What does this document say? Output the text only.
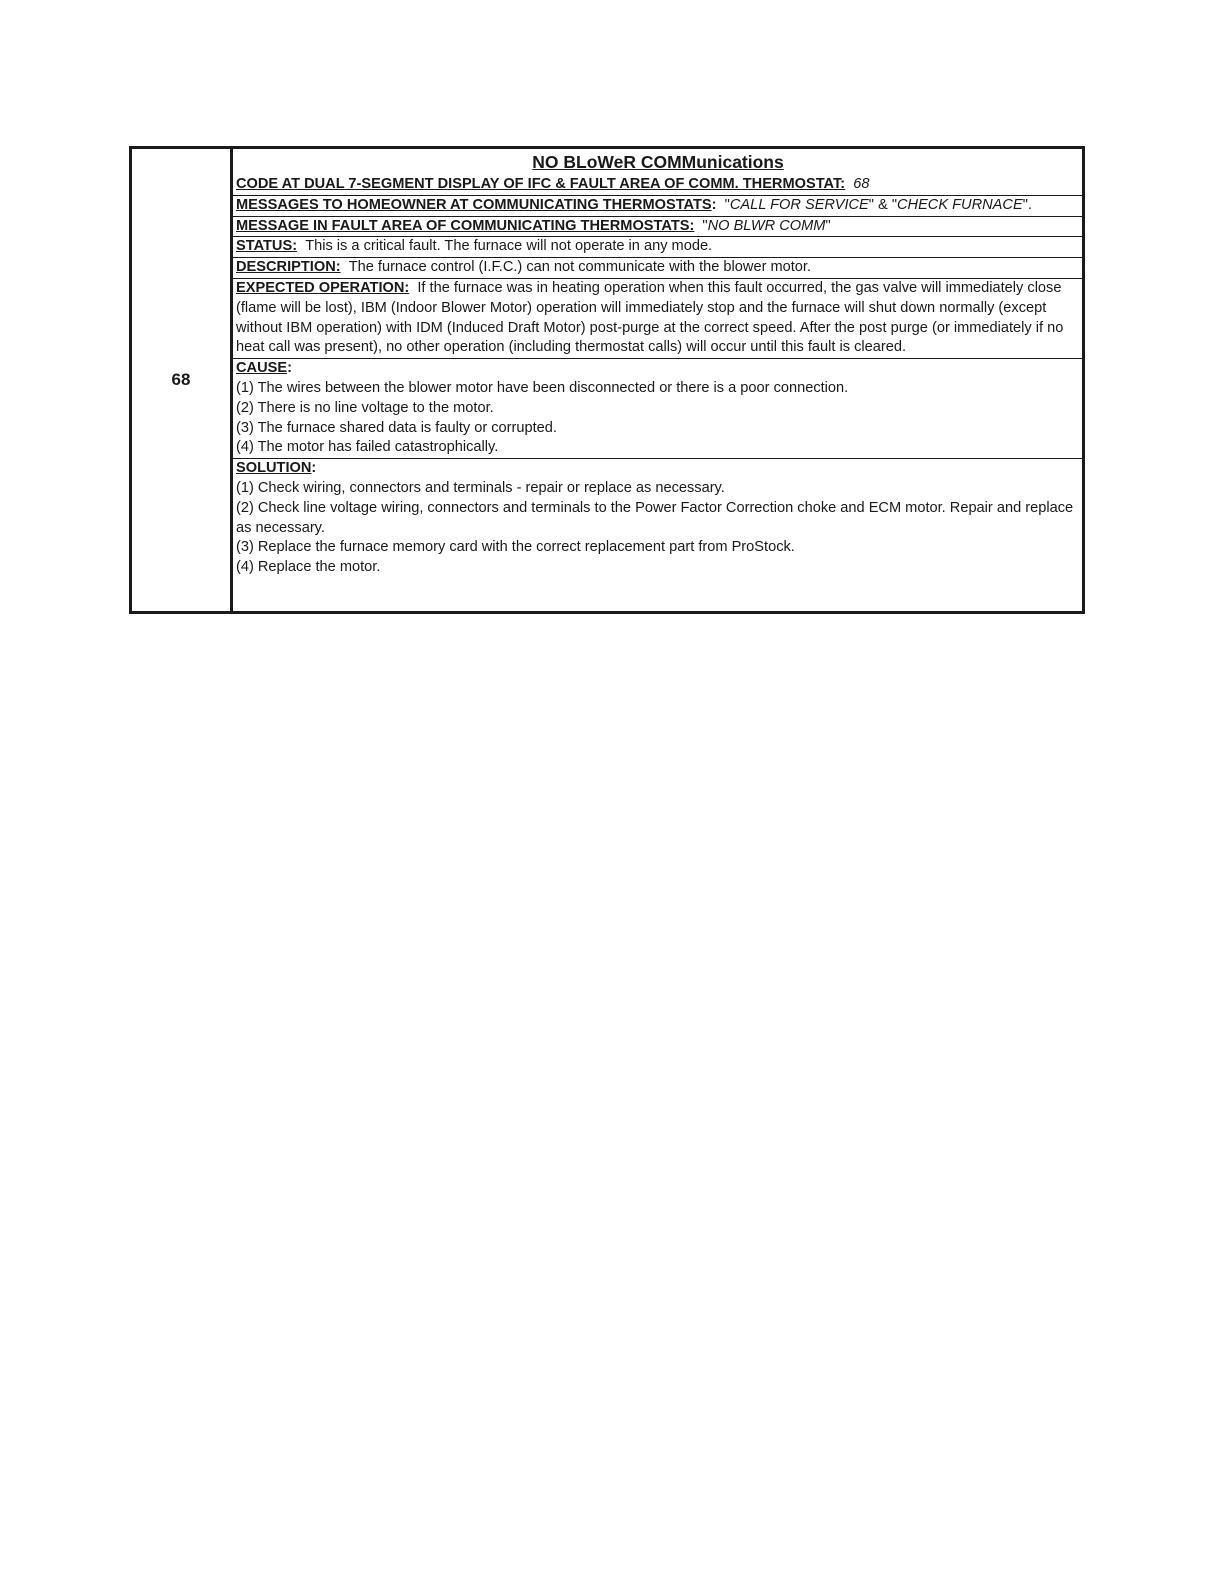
68
NO BLoWeR COMMunications
CODE AT DUAL 7-SEGMENT DISPLAY OF IFC & FAULT AREA OF COMM. THERMOSTAT: 68
MESSAGES TO HOMEOWNER AT COMMUNICATING THERMOSTATS:  "CALL FOR SERVICE" & "CHECK FURNACE".
MESSAGE IN FAULT AREA OF COMMUNICATING THERMOSTATS:  "NO BLWR COMM"
STATUS: This is a critical fault. The furnace will not operate in any mode.
DESCRIPTION: The furnace control (I.F.C.) can not communicate with the blower motor.
EXPECTED OPERATION: If the furnace was in heating operation when this fault occurred, the gas valve will immediately close (flame will be lost), IBM (Indoor Blower Motor) operation will immediately stop and the furnace will shut down normally (except without IBM operation) with IDM (Induced Draft Motor) post-purge at the correct speed. After the post purge (or immediately if no heat call was present), no other operation (including thermostat calls) will occur until this fault is cleared.
CAUSE:
(1) The wires between the blower motor have been disconnected or there is a poor connection.
(2) There is no line voltage to the motor.
(3) The furnace shared data is faulty or corrupted.
(4) The motor has failed catastrophically.
SOLUTION:
(1) Check wiring, connectors and terminals - repair or replace as necessary.
(2) Check line voltage wiring, connectors and terminals to the Power Factor Correction choke and ECM motor. Repair and replace as necessary.
(3) Replace the furnace memory card with the correct replacement part from ProStock.
(4) Replace the motor.
